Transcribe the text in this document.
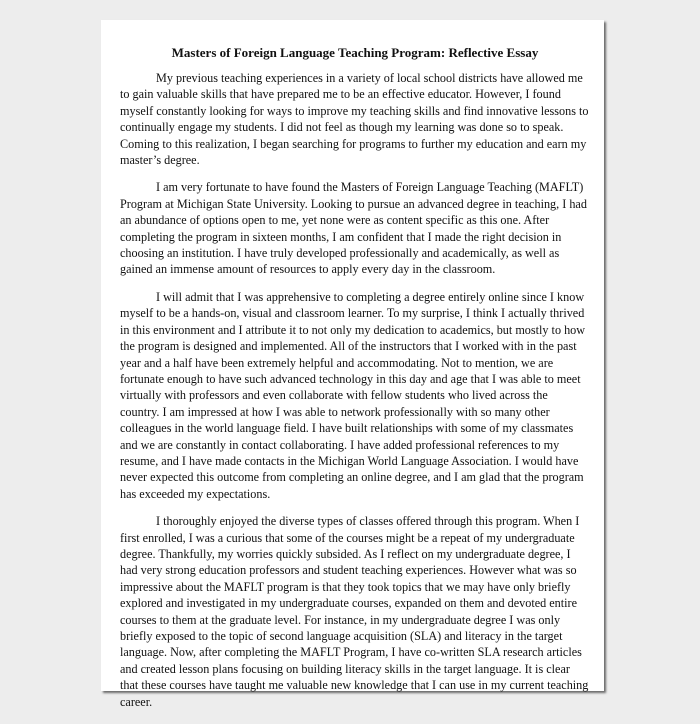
Masters of Foreign Language Teaching Program: Reflective Essay

My previous teaching experiences in a variety of local school districts have allowed me to gain valuable skills that have prepared me to be an effective educator. However, I found myself constantly looking for ways to improve my teaching skills and find innovative lessons to continually engage my students. I did not feel as though my learning was done so to speak. Coming to this realization, I began searching for programs to further my education and earn my master’s degree.

I am very fortunate to have found the Masters of Foreign Language Teaching (MAFLT) Program at Michigan State University. Looking to pursue an advanced degree in teaching, I had an abundance of options open to me, yet none were as content specific as this one. After completing the program in sixteen months, I am confident that I made the right decision in choosing an institution. I have truly developed professionally and academically, as well as gained an immense amount of resources to apply every day in the classroom.

I will admit that I was apprehensive to completing a degree entirely online since I know myself to be a hands-on, visual and classroom learner. To my surprise, I think I actually thrived in this environment and I attribute it to not only my dedication to academics, but mostly to how the program is designed and implemented. All of the instructors that I worked with in the past year and a half have been extremely helpful and accommodating. Not to mention, we are fortunate enough to have such advanced technology in this day and age that I was able to meet virtually with professors and even collaborate with fellow students who lived across the country. I am impressed at how I was able to network professionally with so many other colleagues in the world language field. I have built relationships with some of my classmates and we are constantly in contact collaborating. I have added professional references to my resume, and I have made contacts in the Michigan World Language Association. I would have never expected this outcome from completing an online degree, and I am glad that the program has exceeded my expectations.

I thoroughly enjoyed the diverse types of classes offered through this program. When I first enrolled, I was a curious that some of the courses might be a repeat of my undergraduate degree. Thankfully, my worries quickly subsided. As I reflect on my undergraduate degree, I had very strong education professors and student teaching experiences. However what was so impressive about the MAFLT program is that they took topics that we may have only briefly explored and investigated in my undergraduate courses, expanded on them and devoted entire courses to them at the graduate level. For instance, in my undergraduate degree I was only briefly exposed to the topic of second language acquisition (SLA) and literacy in the target language. Now, after completing the MAFLT Program, I have co-written SLA research articles and created lesson plans focusing on building literacy skills in the target language. It is clear that these courses have taught me valuable new knowledge that I can use in my current teaching career.
